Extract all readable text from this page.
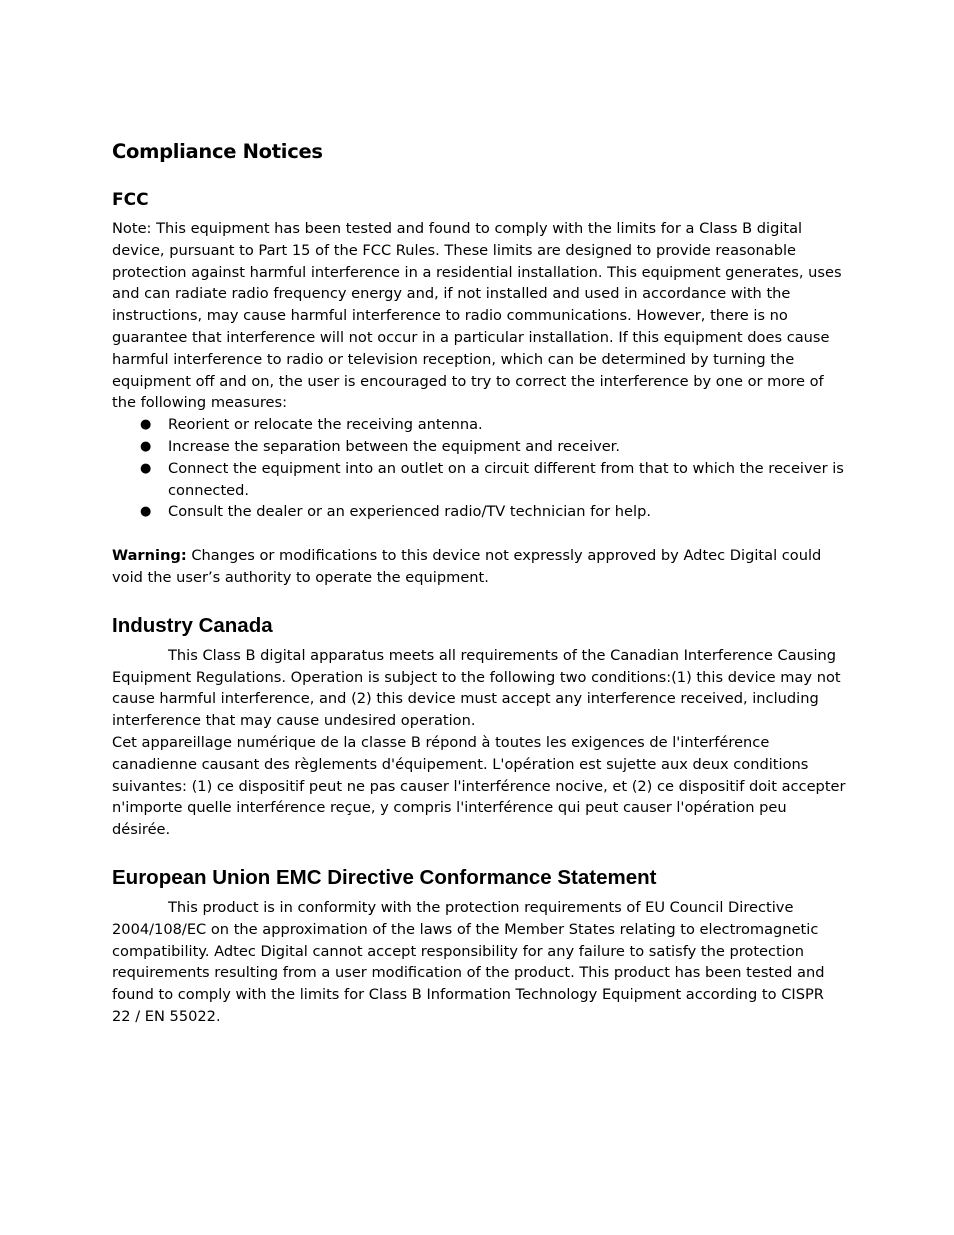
Compliance Notices
FCC

Note: This equipment has been tested and found to comply with the limits for a Class B digital device, pursuant to Part 15 of the FCC Rules. These limits are designed to provide reasonable protection against harmful interference in a residential installation. This equipment generates, uses and can radiate radio frequency energy and, if not installed and used in accordance with the instructions, may cause harmful interference to radio communications. However, there is no guarantee that interference will not occur in a particular installation. If this equipment does cause harmful interference to radio or television reception, which can be determined by turning the equipment off and on, the user is encouraged to try to correct the interference by one or more of the following measures:

● Reorient or relocate the receiving antenna.
● Increase the separation between the equipment and receiver.
● Connect the equipment into an outlet on a circuit different from that to which the receiver is connected.
● Consult the dealer or an experienced radio/TV technician for help.

Warning: Changes or modifications to this device not expressly approved by Adtec Digital could void the user’s authority to operate the equipment.

Industry Canada

This Class B digital apparatus meets all requirements of the Canadian Interference Causing Equipment Regulations. Operation is subject to the following two conditions:(1) this device may not cause harmful interference, and (2) this device must accept any interference received, including interference that may cause undesired operation.

Cet appareillage numérique de la classe B répond à toutes les exigences de l'interférence canadienne causant des règlements d'équipement. L'opération est sujette aux deux conditions suivantes: (1) ce dispositif peut ne pas causer l'interférence nocive, et (2) ce dispositif doit accepter n'importe quelle interférence reçue, y compris l'interférence qui peut causer l'opération peu désirée.

European Union EMC Directive Conformance Statement

This product is in conformity with the protection requirements of EU Council Directive 2004/108/EC on the approximation of the laws of the Member States relating to electromagnetic compatibility. Adtec Digital cannot accept responsibility for any failure to satisfy the protection requirements resulting from a user modification of the product. This product has been tested and found to comply with the limits for Class B Information Technology Equipment according to CISPR 22 / EN 55022.
